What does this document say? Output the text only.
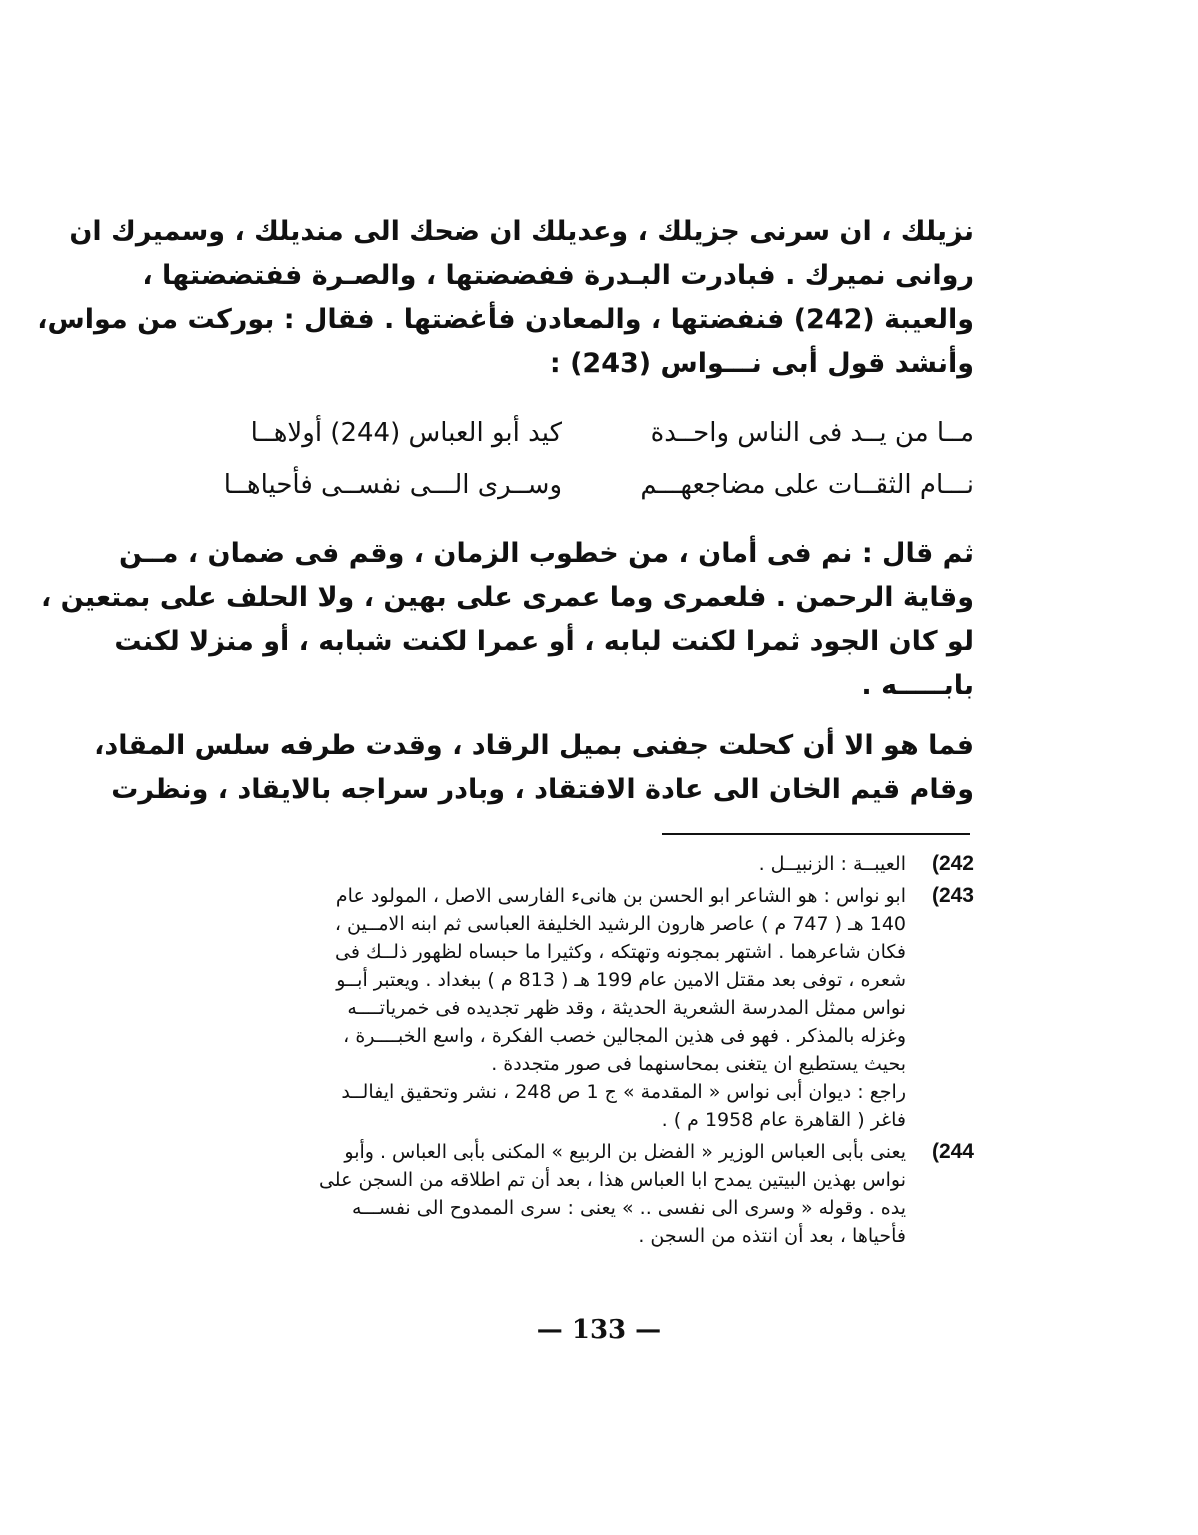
نزيلك ، ان سرنى جزيلك ، وعديلك ان ضحك الى منديلك ، وسميرك ان
روانى نميرك . فبادرت البـدرة ففضضتها ، والصـرة ففتضضتها ،
والعيبة (242) فنفضتها ، والمعادن فأغضتها . فقال : بوركت من مواس،
وأنشد قول أبى نـــواس (243) :
مــا من يــد فى الناس واحــدة
كيد أبو العباس (244) أولاهــا
نـــام الثقــات على مضاجعهـــم
وســرى الـــى نفســى فأحياهــا
ثم قال : نم فى أمان ، من خطوب الزمان ، وقم فى ضمان ، مــن
وقاية الرحمن . فلعمرى وما عمرى على بهين ، ولا الحلف على بمتعين ،
لو كان الجود ثمرا لكنت لبابه ، أو عمرا لكنت شبابه ، أو منزلا لكنت
بابـــــه .
فما هو الا أن كحلت جفنى بميل الرقاد ، وقدت طرفه سلس المقاد،
وقام قيم الخان الى عادة الافتقاد ، وبادر سراجه بالايقاد ، ونظرت
242)
العيبــة : الزنبيــل .
243)
ابو نواس : هو الشاعر ابو الحسن بن هانىء الفارسى الاصل ، المولود عام
140 هـ ( 747 م ) عاصر هارون الرشيد الخليفة العباسى ثم ابنه الامــين ،
فكان شاعرهما . اشتهر بمجونه وتهتكه ، وكثيرا ما حبساه لظهور ذلــك فى
شعره ، توفى بعد مقتل الامين عام 199 هـ ( 813 م ) ببغداد . ويعتبر أبــو
نواس ممثل المدرسة الشعرية الحديثة ، وقد ظهر تجديده فى خمرياتــــه
وغزله بالمذكر . فهو فى هذين المجالين خصب الفكرة ، واسع الخبــــرة ،
بحيث يستطيع ان يتغنى بمحاسنهما فى صور متجددة .
راجع : ديوان أبى نواس « المقدمة » ج 1 ص 248 ، نشر وتحقيق ايفالــد
فاغر ( القاهرة عام 1958 م ) .
244)
يعنى بأبى العباس الوزير « الفضل بن الربيع » المكنى بأبى العباس . وأبو
نواس بهذين البيتين يمدح ابا العباس هذا ، بعد أن تم اطلاقه من السجن على
يده . وقوله « وسرى الى نفسى .. » يعنى : سرى الممدوح الى نفســـه
فأحياها ، بعد أن انتذه من السجن .
— 133 —
